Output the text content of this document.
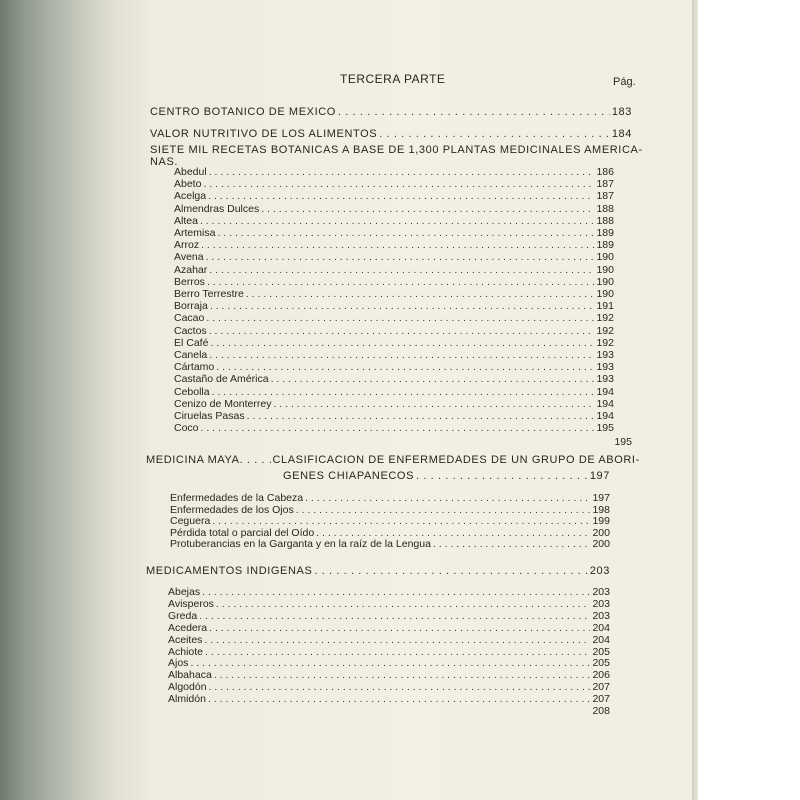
TERCERA PARTE	Pág.
CENTRO BOTANICO DE MEXICO . . .	183
VALOR NUTRITIVO DE LOS ALIMENTOS . . .	184
SIETE MIL RECETAS BOTANICAS A BASE DE 1,300 PLANTAS MEDICINALES AMERICA-
NAS.
Abedul . . .	186
Abeto . . .	187
Acelga . . .	187
Almendras Dulces . . .	188
Altea . . .	188
Artemisa . . .	189
Arroz . . .	189
Avena . . .	190
Azahar . . .	190
Berros . . .	190
Berro Terrestre . . .	190
Borraja . . .	191
Cacao . . .	192
Cactos . . .	192
El Café . . .	192
Canela . . .	193
Cártamo . . .	193
Castaño de América . . .	193
Cebolla . . .	194
Cenizo de Monterrey . . .	194
Ciruelas Pasas . . .	194
Coco . . .	195
195
MEDICINA MAYA. . . . .CLASIFICACION DE ENFERMEDADES DE UN GRUPO DE ABORI-
GENES CHIAPANECOS . . .	197
Enfermedades de la Cabeza . . .	197
Enfermedades de los Ojos . . .	198
Ceguera . . .	199
Pérdida total o parcial del Oído . . .	200
Protuberancias en la Garganta y en la raíz de la Lengua . . .	200
MEDICAMENTOS INDIGENAS . . .	203
Abejas . . .	203
Avisperos . . .	203
Greda . . .	203
Acedera . . .	204
Aceites . . .	204
Achiote . . .	205
Ajos . . .	205
Albahaca . . .	206
Algodón . . .	207
Almidón . . .	207
208
